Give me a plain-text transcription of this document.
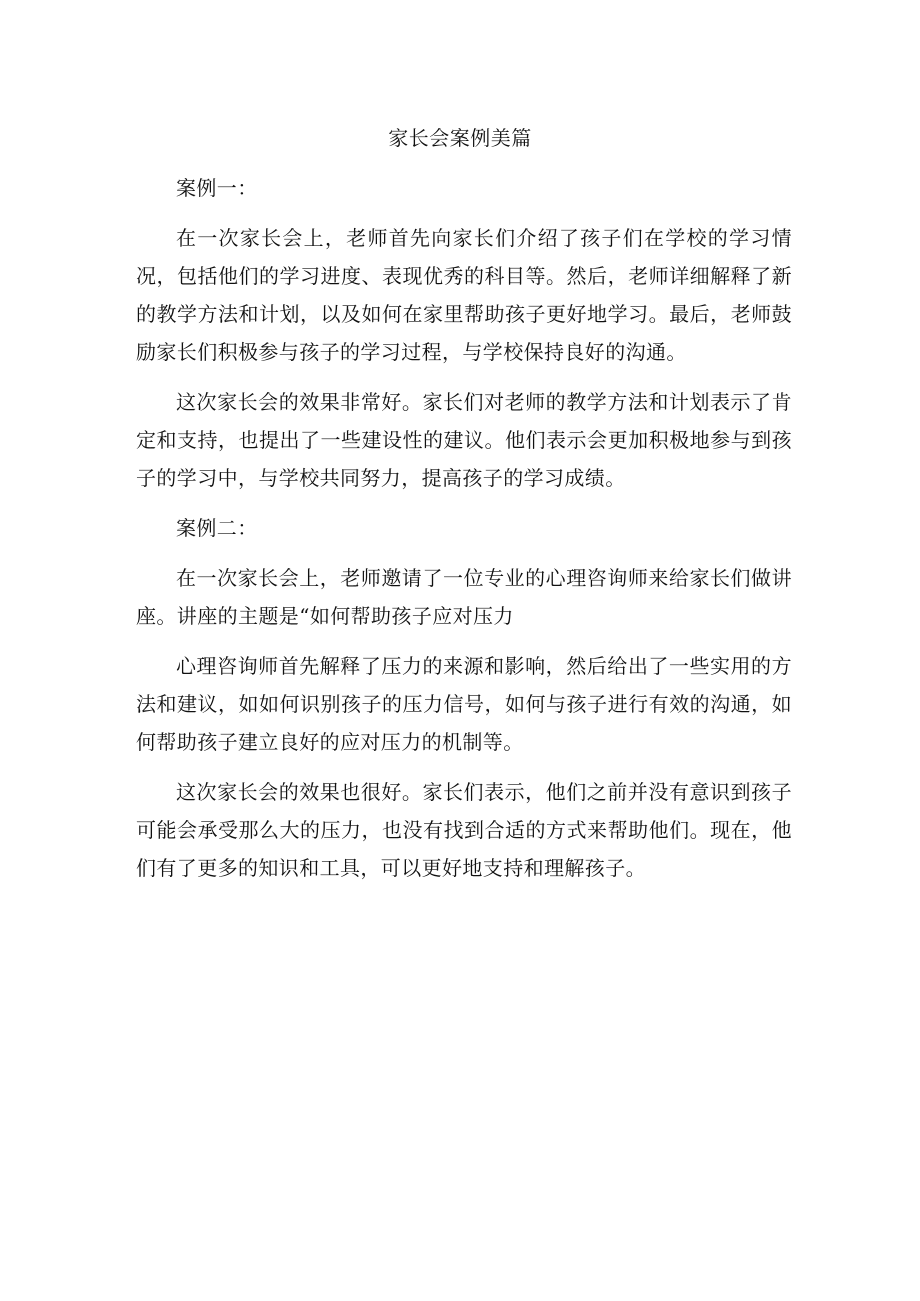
家长会案例美篇

案例一：

在一次家长会上，老师首先向家长们介绍了孩子们在学校的学习情况，包括他们的学习进度、表现优秀的科目等。然后，老师详细解释了新的教学方法和计划，以及如何在家里帮助孩子更好地学习。最后，老师鼓励家长们积极参与孩子的学习过程，与学校保持良好的沟通。

这次家长会的效果非常好。家长们对老师的教学方法和计划表示了肯定和支持，也提出了一些建设性的建议。他们表示会更加积极地参与到孩子的学习中，与学校共同努力，提高孩子的学习成绩。

案例二：

在一次家长会上，老师邀请了一位专业的心理咨询师来给家长们做讲座。讲座的主题是“如何帮助孩子应对压力

心理咨询师首先解释了压力的来源和影响，然后给出了一些实用的方法和建议，如如何识别孩子的压力信号，如何与孩子进行有效的沟通，如何帮助孩子建立良好的应对压力的机制等。

这次家长会的效果也很好。家长们表示，他们之前并没有意识到孩子可能会承受那么大的压力，也没有找到合适的方式来帮助他们。现在，他们有了更多的知识和工具，可以更好地支持和理解孩子。
